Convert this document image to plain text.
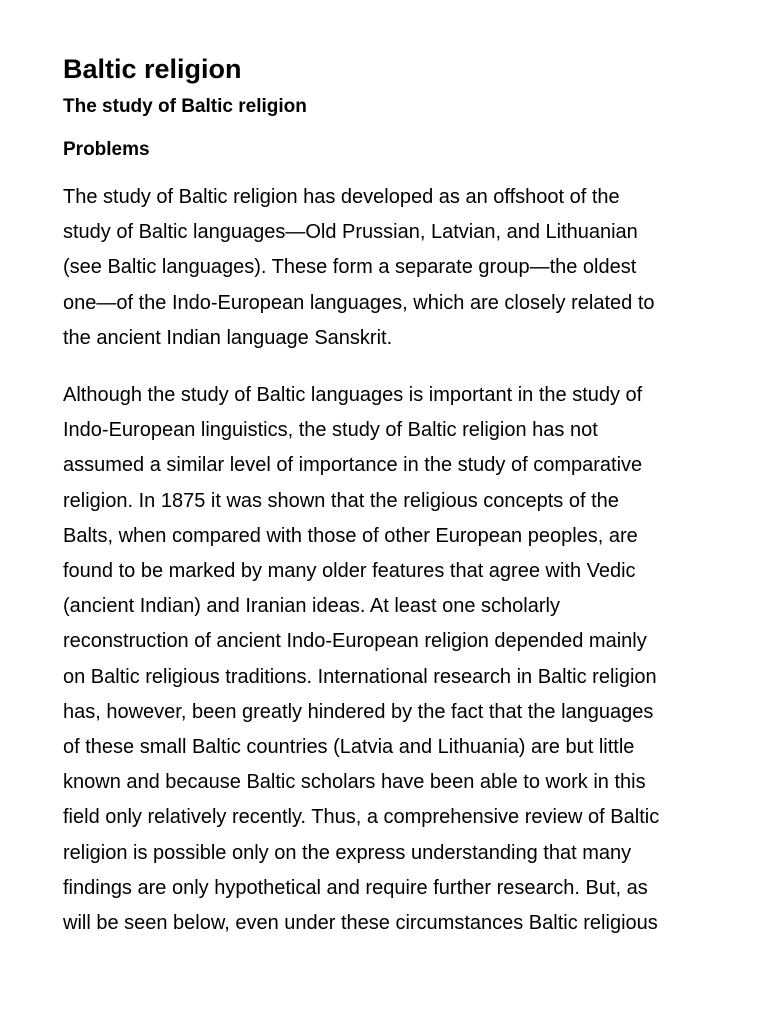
Baltic religion
The study of Baltic religion
Problems

The study of Baltic religion has developed as an offshoot of the
study of Baltic languages—Old Prussian, Latvian, and Lithuanian
(see Baltic languages). These form a separate group—the oldest
one—of the Indo-European languages, which are closely related to
the ancient Indian language Sanskrit.

Although the study of Baltic languages is important in the study of
Indo-European linguistics, the study of Baltic religion has not
assumed a similar level of importance in the study of comparative
religion. In 1875 it was shown that the religious concepts of the
Balts, when compared with those of other European peoples, are
found to be marked by many older features that agree with Vedic
(ancient Indian) and Iranian ideas. At least one scholarly
reconstruction of ancient Indo-European religion depended mainly
on Baltic religious traditions. International research in Baltic religion
has, however, been greatly hindered by the fact that the languages
of these small Baltic countries (Latvia and Lithuania) are but little
known and because Baltic scholars have been able to work in this
field only relatively recently. Thus, a comprehensive review of Baltic
religion is possible only on the express understanding that many
findings are only hypothetical and require further research. But, as
will be seen below, even under these circumstances Baltic religious
